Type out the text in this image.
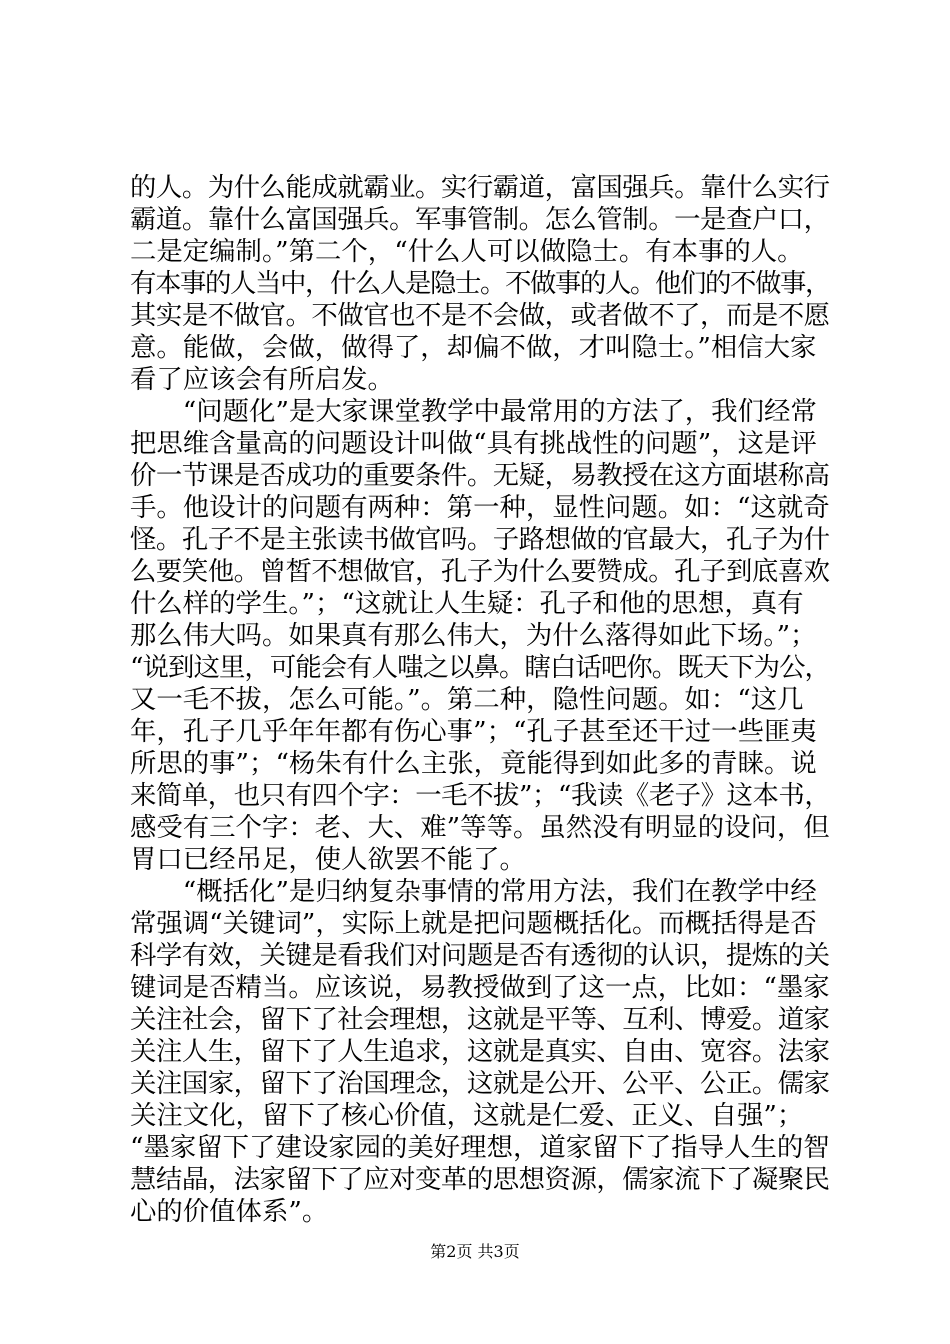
的人。为什么能成就霸业。实行霸道，富国强兵。靠什么实行
霸道。靠什么富国强兵。军事管制。怎么管制。一是查户口，
二是定编制。”第二个，“什么人可以做隐士。有本事的人。
有本事的人当中，什么人是隐士。不做事的人。他们的不做事，
其实是不做官。不做官也不是不会做，或者做不了，而是不愿
意。能做，会做，做得了，却偏不做，才叫隐士。”相信大家
看了应该会有所启发。
　　“问题化”是大家课堂教学中最常用的方法了，我们经常
把思维含量高的问题设计叫做“具有挑战性的问题”，这是评
价一节课是否成功的重要条件。无疑，易教授在这方面堪称高
手。他设计的问题有两种：第一种，显性问题。如：“这就奇
怪。孔子不是主张读书做官吗。子路想做的官最大，孔子为什
么要笑他。曾皙不想做官，孔子为什么要赞成。孔子到底喜欢
什么样的学生。”；“这就让人生疑：孔子和他的思想，真有
那么伟大吗。如果真有那么伟大，为什么落得如此下场。”；
“说到这里，可能会有人嗤之以鼻。瞎白话吧你。既天下为公，
又一毛不拔，怎么可能。”。第二种，隐性问题。如：“这几
年，孔子几乎年年都有伤心事”；“孔子甚至还干过一些匪夷
所思的事”；“杨朱有什么主张，竟能得到如此多的青睐。说
来简单，也只有四个字：一毛不拔”；“我读《老子》这本书，
感受有三个字：老、大、难”等等。虽然没有明显的设问，但
胃口已经吊足，使人欲罢不能了。
　　“概括化”是归纳复杂事情的常用方法，我们在教学中经
常强调“关键词”，实际上就是把问题概括化。而概括得是否
科学有效，关键是看我们对问题是否有透彻的认识，提炼的关
键词是否精当。应该说，易教授做到了这一点，比如：“墨家
关注社会，留下了社会理想，这就是平等、互利、博爱。道家
关注人生，留下了人生追求，这就是真实、自由、宽容。法家
关注国家，留下了治国理念，这就是公开、公平、公正。儒家
关注文化，留下了核心价值，这就是仁爱、正义、自强”；
“墨家留下了建设家园的美好理想，道家留下了指导人生的智
慧结晶，法家留下了应对变革的思想资源，儒家流下了凝聚民
心的价值体系”。
第2页 共3页
